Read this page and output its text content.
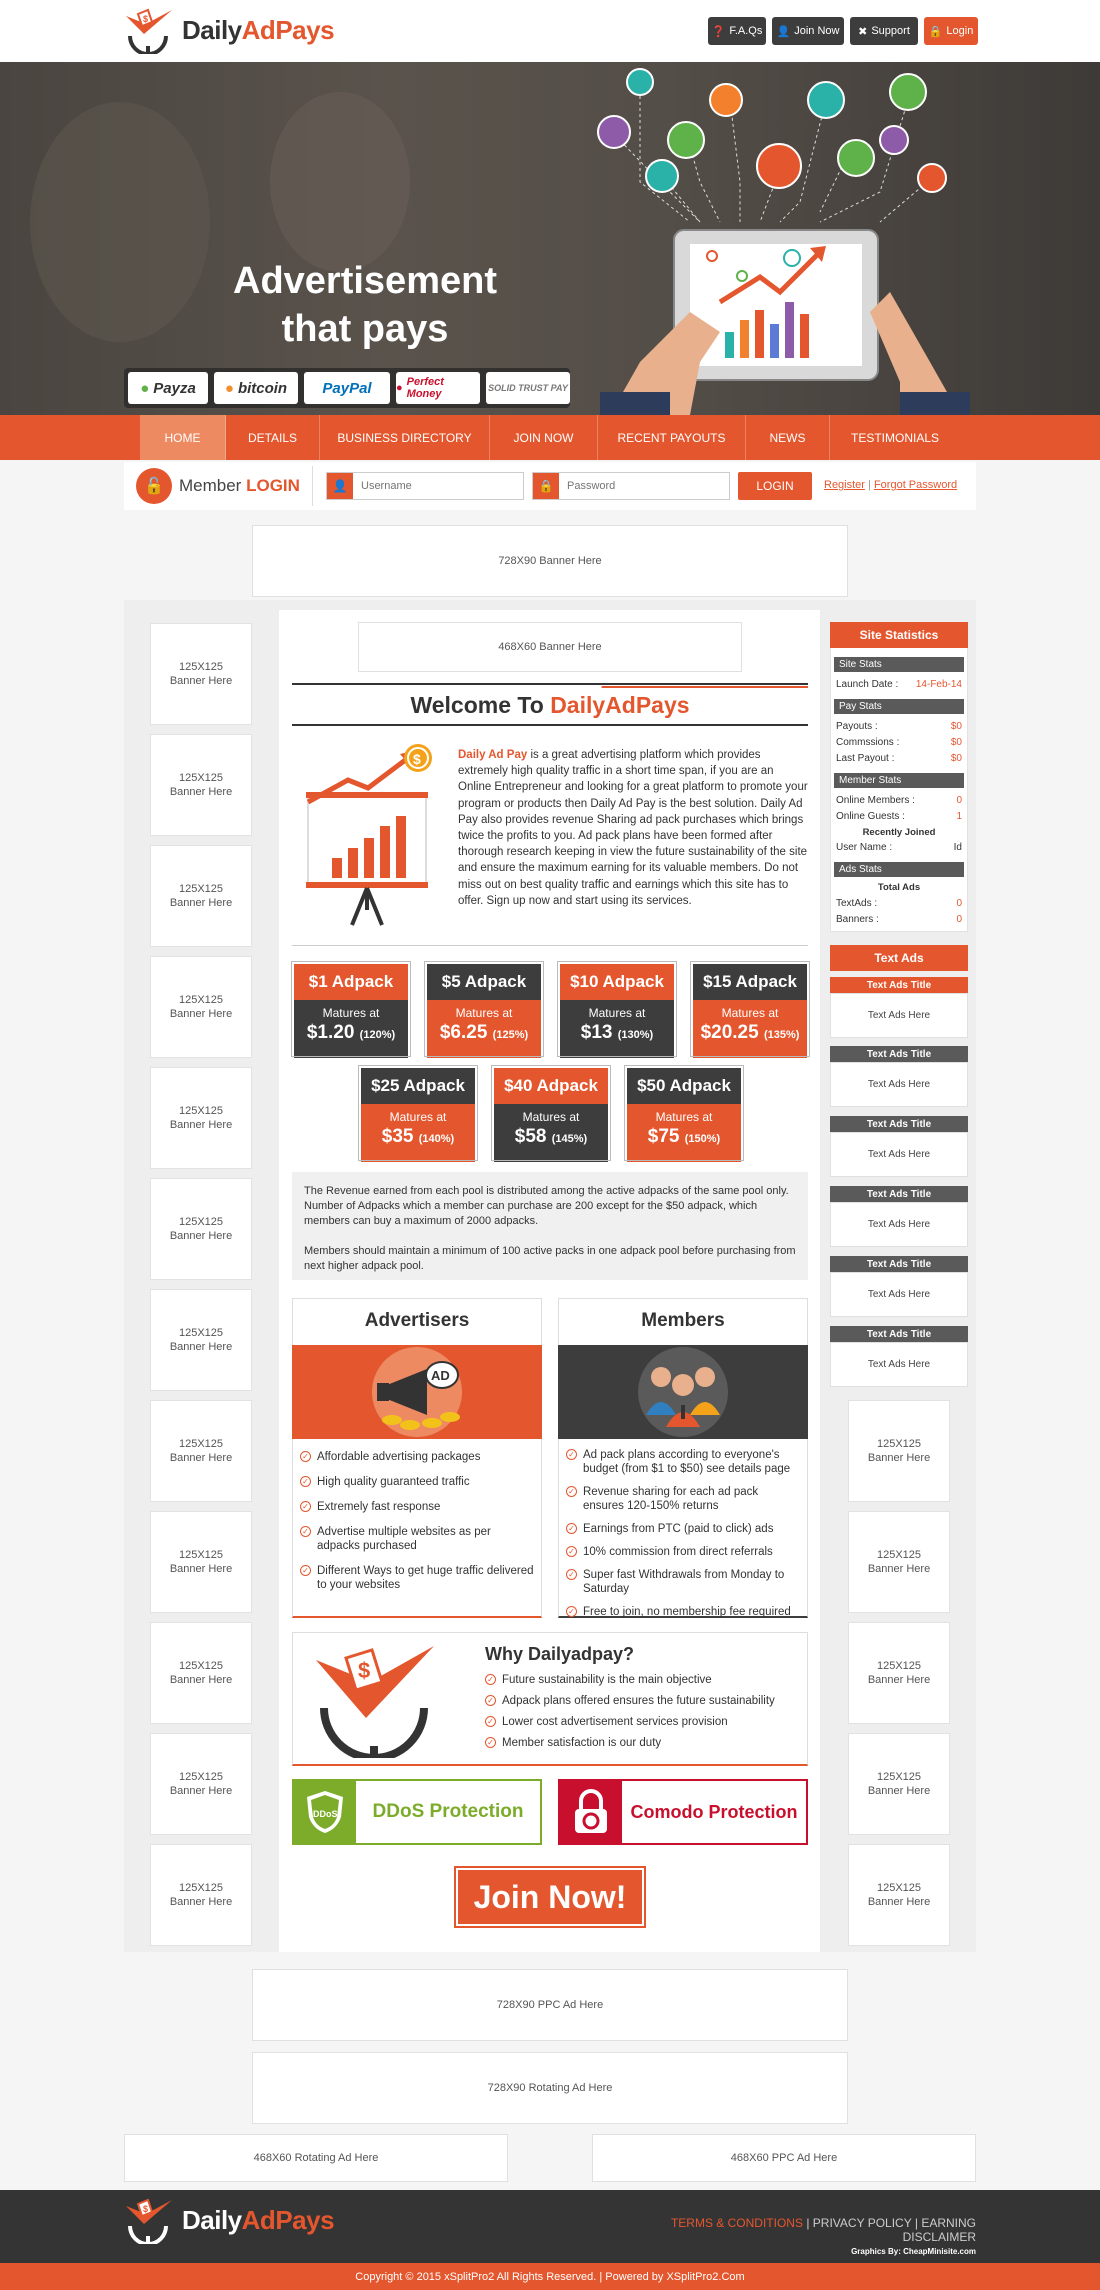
$ DailyAdPays	❓ F.A.Qs 👤 Join Now ✖ Support 🔒 Login
Advertisement
that pays
● Payza ● bitcoin PayPal ● Perfect Money	SOLID TRUST PAY
HOME	DETAILS	BUSINESS DIRECTORY	JOIN NOW	RECENT PAYOUTS	NEWS	TESTIMONIALS
🔓 Member LOGIN	👤
Username	🔒	LOGIN	Register | Forgot Password
728X90 Banner Here
125X125
Banner Here
125X125
Banner Here
125X125
Banner Here
125X125
Banner Here
125X125
Banner Here
125X125
Banner Here
125X125
Banner Here
125X125
Banner Here
125X125
Banner Here
125X125
Banner Here
125X125
Banner Here
125X125
Banner Here
125X125
Banner Here
125X125
Banner Here
125X125
Banner Here
125X125
Banner Here
125X125
Banner Here
Site Statistics
Site Stats
Launch Date : 14-Feb-14
Pay Stats
Payouts :	$0
Commssions :	$0
Last Payout :	$0
Member Stats
Online Members :	0
Online Guests :	1
Recently Joined
User Name :	Id
Ads Stats
Total Ads
TextAds :	0
Banners :	0
Text Ads
Text Ads Title
Text Ads Here
Text Ads Title
Text Ads Here
Text Ads Title
Text Ads Here
Text Ads Title
Text Ads Here
Text Ads Title
Text Ads Here
Text Ads Title
Text Ads Here
468X60 Banner Here
Welcome To DailyAdPays
$	Daily Ad Pay is a great advertising platform which provides extremely high quality traffic in a short time span, if you are an Online Entrepreneur and looking for a great platform to promote your program or products then Daily Ad Pay is the best solution. Daily Ad Pay also provides revenue Sharing ad pack purchases which brings twice the profits to you. Ad pack plans have been formed after thorough research keeping in view the future sustainability of the site and ensure the maximum earning for its valuable members. Do not miss out on best quality traffic and earnings which this site has to offer. Sign up now and start using its services.
$1 Adpack
Matures at
$1.20 (120%)
$5 Adpack
Matures at
$6.25 (125%)
$10 Adpack
Matures at
$13 (130%)
$15 Adpack
Matures at
$20.25 (135%)
$25 Adpack
Matures at
$35 (140%)
$40 Adpack
Matures at
$58 (145%)
$50 Adpack
Matures at
$75 (150%)
The Revenue earned from each pool is distributed among the active adpacks of the same pool only. Number of Adpacks which a member can purchase are 200 except for the $50 adpack, which members can buy a maximum of 2000 adpacks.
Members should maintain a minimum of 100 active packs in one adpack pool before purchasing from next higher adpack pool.
Advertisers
AD
✓ Affordable advertising packages
✓ High quality guaranteed traffic
✓ Extremely fast response
✓ Advertise multiple websites as per adpacks purchased
✓ Different Ways to get huge traffic delivered to your websites
Members
✓ Ad pack plans according to everyone's budget (from $1 to $50) see details page
✓ Revenue sharing for each ad pack ensures 120-150% returns
✓ Earnings from PTC (paid to click) ads
✓ 10% commission from direct referrals
✓ Super fast Withdrawals from Monday to Saturday
✓ Free to join, no membership fee required
$
Why Dailyadpay?
✓ Future sustainability is the main objective
✓ Adpack plans offered ensures the future sustainability
✓ Lower cost advertisement services provision
✓ Member satisfaction is our duty
DDoS	DDoS Protection	Comodo Protection
Join Now!
728X90 PPC Ad Here
728X90 Rotating Ad Here
468X60 Rotating Ad Here	468X60 PPC Ad Here
$ DailyAdPays	TERMS & CONDITIONS | PRIVACY POLICY | EARNING DISCLAIMER
Graphics By: CheapMinisite.com
Copyright © 2015 xSplitPro2 All Rights Reserved. | Powered by XSplitPro2.Com
